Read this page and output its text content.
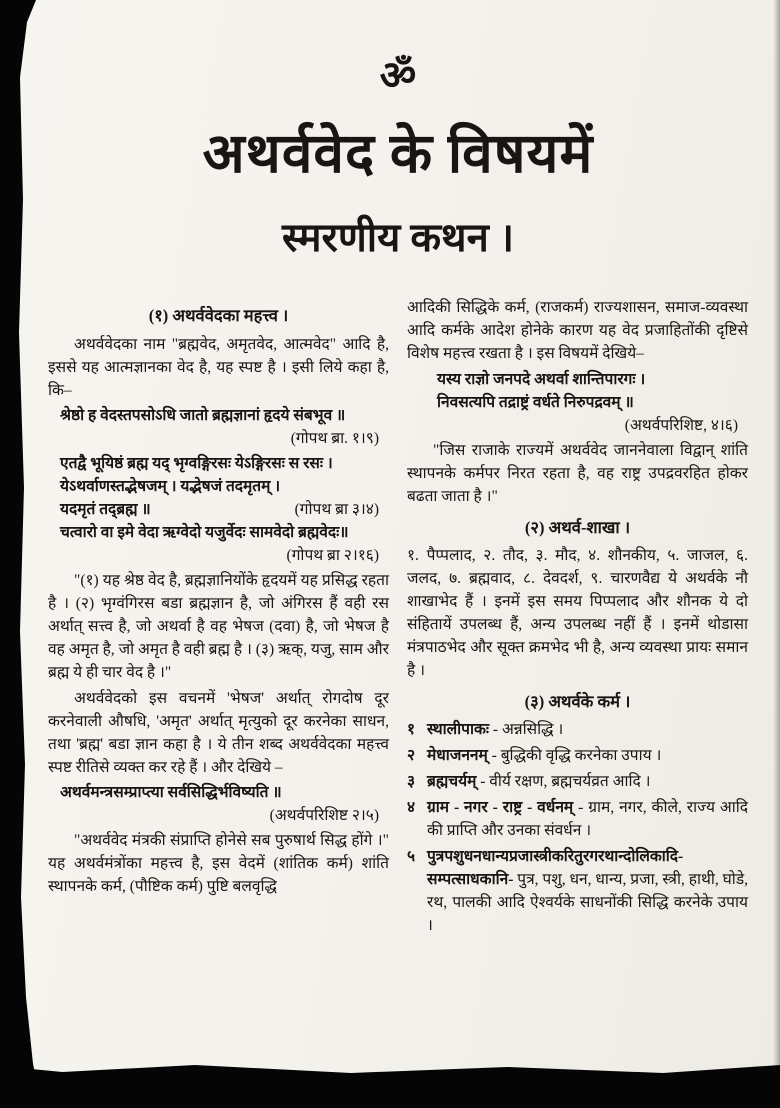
ॐ
अथर्ववेद के विषयमें
स्मरणीय कथन ।
(१) अथर्ववेदका महत्त्व ।

अथर्ववेदका नाम "ब्रह्मवेद, अमृतवेद, आत्मवेद" आदि है, इससे यह आत्मज्ञानका वेद है, यह स्पष्ट है । इसी लिये कहा है, कि–

श्रेष्ठो ह वेदस्तपसोऽधि जातो ब्रह्मज्ञानां हृदये संबभूव ॥

(गोपथ ब्रा. १।९)

एतद्वै भूयिष्ठं ब्रह्म यद् भृग्वङ्गिरसः येऽङ्गिरसः स रसः ।

येऽथर्वाणस्तद्भेषजम् । यद्भेषजं तदमृतम् ।

यदमृतं तद्ब्रह्म ॥	(गोपथ ब्रा ३।४)

चत्वारो वा इमे वेदा ऋग्वेदो यजुर्वेदः सामवेदो ब्रह्मवेदः॥

(गोपथ ब्रा २।१६)

"(१) यह श्रेष्ठ वेद है, ब्रह्मज्ञानियोंके हृदयमें यह प्रसिद्ध रहता है । (२) भृग्वंगिरस बडा ब्रह्मज्ञान है, जो अंगिरस हैं वही रस अर्थात् सत्त्व है, जो अथर्वा है वह भेषज (दवा) है, जो भेषज है वह अमृत है, जो अमृत है वही ब्रह्म है । (३) ऋक्, यजु, साम और ब्रह्म ये ही चार वेद है ।"

अथर्ववेदको इस वचनमें 'भेषज' अर्थात् रोगदोष दूर करनेवाली औषधि, 'अमृत' अर्थात् मृत्युको दूर करनेका साधन, तथा 'ब्रह्म' बडा ज्ञान कहा है । ये तीन शब्द अथर्ववेदका महत्त्व स्पष्ट रीतिसे व्यक्त कर रहे हैं । और देखिये –

अथर्वमन्त्रसम्प्राप्त्या सर्वसिद्धिर्भविष्यति ॥

(अथर्वपरिशिष्ट २।५)

"अथर्ववेद मंत्रकी संप्राप्ति होनेसे सब पुरुषार्थ सिद्ध होंगे ।" यह अथर्वमंत्रोंका महत्त्व है, इस वेदमें (शांतिक कर्म) शांति स्थापनके कर्म, (पौष्टिक कर्म) पुष्टि बलवृद्धि

आदिकी सिद्धिके कर्म, (राजकर्म) राज्यशासन, समाज-व्यवस्था आदि कर्मके आदेश होनेके कारण यह वेद प्रजाहितोंकी दृष्टिसे विशेष महत्त्व रखता है । इस विषयमें देखिये–

यस्य राज्ञो जनपदे अथर्वा शान्तिपारगः ।

निवसत्यपि तद्राष्ट्रं वर्धते निरुपद्रवम् ॥

(अथर्वपरिशिष्ट, ४।६)

"जिस राजाके राज्यमें अथर्ववेद जाननेवाला विद्वान् शांति स्थापनके कर्मपर निरत रहता है, वह राष्ट्र उपद्रवरहित होकर बढता जाता है ।"

(२) अथर्व-शाखा ।

१. पैप्पलाद, २. तौद, ३. मौद, ४. शौनकीय, ५. जाजल, ६. जलद, ७. ब्रह्मवाद, ८. देवदर्श, ९. चारणवैद्य ये अथर्वके नौ शाखाभेद हैं । इनमें इस समय पिप्पलाद और शौनक ये दो संहितायें उपलब्ध हैं, अन्य उपलब्ध नहीं हैं । इनमें थोडासा मंत्रपाठभेद और सूक्त क्रमभेद भी है, अन्य व्यवस्था प्रायः समान है ।

(३) अथर्वके कर्म ।
१ स्थालीपाकः - अन्नसिद्धि ।
२ मेधाजननम् - बुद्धिकी वृद्धि करनेका उपाय ।
३ ब्रह्मचर्यम् - वीर्य रक्षण, ब्रह्मचर्यव्रत आदि ।
४ ग्राम - नगर - राष्ट्र - वर्धनम् - ग्राम, नगर, कीले, राज्य आदि की प्राप्ति और उनका संवर्धन ।
५ पुत्रपशुधनधान्यप्रजास्त्रीकरितुरगरथान्दोलिकादि-सम्पत्साधकानि- पुत्र, पशु, धन, धान्य, प्रजा, स्त्री, हाथी, घोडे, रथ, पालकी आदि ऐश्वर्यके साधनोंकी सिद्धि करनेके उपाय ।
